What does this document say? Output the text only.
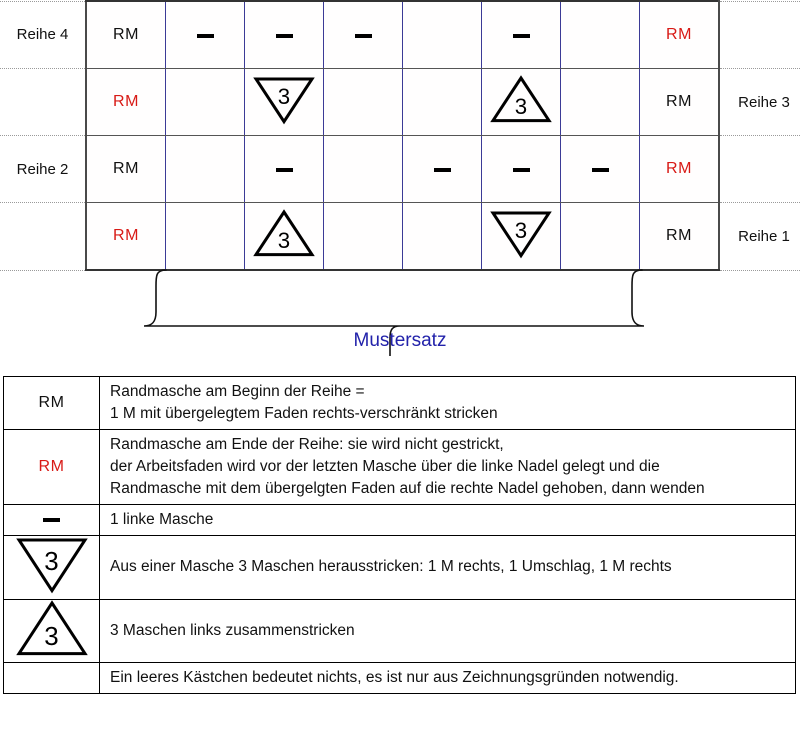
Reihe 4	RM							RM	
	RM		3			3		RM	Reihe 3
Reihe 2	RM							RM	
	RM		3			3		RM	Reihe 1
Mustersatz
RM	Randmasche am Beginn der Reihe =
1 M mit übergelegtem Faden rechts-verschränkt stricken

RM	Randmasche am Ende der Reihe: sie wird nicht gestrickt,
der Arbeitsfaden wird vor der letzten Masche über die linke Nadel gelegt und die
Randmasche mit dem übergelgten Faden auf die rechte Nadel gehoben, dann wenden

	1 linke Masche

3	Aus einer Masche 3 Maschen herausstricken: 1 M rechts, 1 Umschlag, 1 M rechts

3	3 Maschen links zusammenstricken

	Ein leeres Kästchen bedeutet nichts, es ist nur aus Zeichnungsgründen notwendig.
